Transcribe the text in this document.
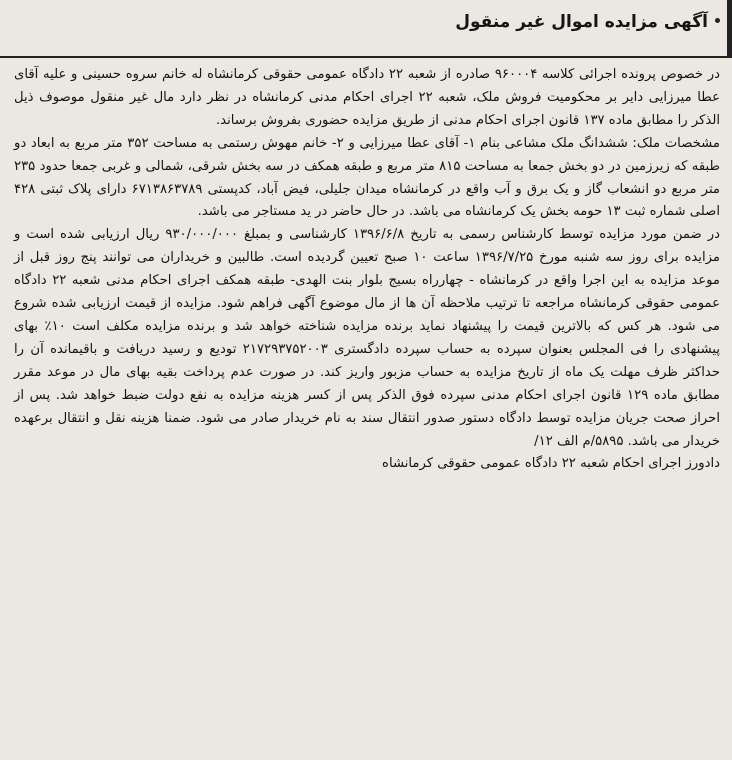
آگهی مزایده اموال غیر منقول

در خصوص پرونده اجرائی کلاسه ۹۶۰۰۰۴ صادره از شعبه ۲۲ دادگاه عمومی حقوقی کرمانشاه له خانم سروه حسینی و علیه آقای عطا میرزایی دایر بر محکومیت فروش ملک، شعبه ۲۲ اجرای احکام مدنی کرمانشاه در نظر دارد مال غیر منقول موصوف ذیل الذکر را مطابق ماده ۱۳۷ قانون اجرای احکام مدنی از طریق مزایده حضوری بفروش برساند.

مشخصات ملک: ششدانگ ملک مشاعی بنام ۱- آقای عطا میرزایی و ۲- خانم مهوش رستمی به مساحت ۳۵۲ متر مربع به ابعاد دو طبقه که زیرزمین در دو بخش جمعا به مساحت ۸۱۵ متر مربع و طبقه همکف در سه بخش شرقی، شمالی و غربی جمعا حدود ۲۳۵ متر مربع دو انشعاب گاز و یک برق و آب واقع در کرمانشاه میدان جلیلی، فیض آباد، کدپستی ۶۷۱۳۸۶۳۷۸۹ دارای پلاک ثبتی ۴۲۸ اصلی شماره ثبت ۱۳ حومه بخش یک کرمانشاه می باشد. در حال حاضر در ید مستاجر می باشد.

در ضمن مورد مزایده توسط کارشناس رسمی به تاریخ ۱۳۹۶/۶/۸ کارشناسی و بمبلغ ۹۳۰/۰۰۰/۰۰۰ ریال ارزیابی شده است و مزایده برای روز سه شنبه مورخ ۱۳۹۶/۷/۲۵ ساعت ۱۰ صبح تعیین گردیده است. طالبین و خریداران می توانند پنج روز قبل از موعد مزایده به این اجرا واقع در کرمانشاه - چهارراه بسیج بلوار بنت الهدی- طبقه همکف اجرای احکام مدنی شعبه ۲۲ دادگاه عمومی حقوقی کرمانشاه مراجعه تا ترتیب ملاحظه آن ها از مال موضوع آگهی فراهم شود. مزایده از قیمت ارزیابی شده شروع می شود. هر کس که بالاترین قیمت را پیشنهاد نماید برنده مزایده شناخته خواهد شد و برنده مزایده مکلف است ۱۰٪ بهای پیشنهادی را فی المجلس بعنوان سپرده به حساب سپرده دادگستری ۲۱۷۲۹۳۷۵۲۰۰۳ تودیع و رسید دریافت و باقیمانده آن را حداکثر ظرف مهلت یک ماه از تاریخ مزایده به حساب مزبور واریز کند. در صورت عدم پرداخت بقیه بهای مال در موعد مقرر مطابق ماده ۱۲۹ قانون اجرای احکام مدنی سپرده فوق الذکر پس از کسر هزینه مزایده به نفع دولت ضبط خواهد شد. پس از احراز صحت جریان مزایده توسط دادگاه دستور صدور انتقال سند به نام خریدار صادر می شود. ضمنا هزینه نقل و انتقال برعهده خریدار می باشد. ۵۸۹۵/م الف ۱۲/

دادورز اجرای احکام شعبه ۲۲ دادگاه عمومی حقوقی کرمانشاه
